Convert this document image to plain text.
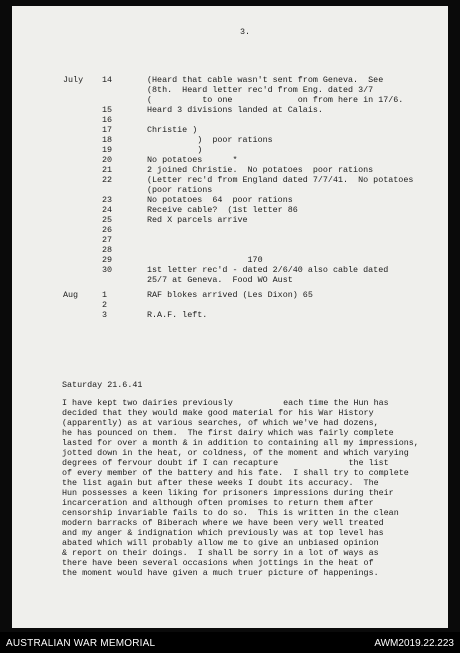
3.
July 14	(Heard that cable wasn't sent from Geneva.  See
(8th.  Heard letter rec'd from Eng. dated 3/7
(          to one             on from here in 17/6.
15	Heard 3 divisions landed at Calais.
16
17	Christie )
18	)  poor rations
19	)
20	No potatoes      *
21	2 joined Christie.  No potatoes  poor rations
22	(Letter rec'd from England dated 7/7/41.  No potatoes
(poor rations
23	No potatoes  64  poor rations
24	Receive cable?  (1st letter 86
25	Red X parcels arrive
26
27
28
29	170
30	1st letter rec'd - dated 2/6/40 also cable dated
25/7 at Geneva.  Food WO Aust
Aug	1	RAF blokes arrived (Les Dixon) 65
2
3	R.A.F. left.
Saturday 21.6.41
I have kept two dairies previously          each time the Hun has
decided that they would make good material for his War History
(apparently) as at various searches, of which we've had dozens,
he has pounced on them.  The first dairy which was fairly complete
lasted for over a month & in addition to containing all my impressions,
jotted down in the heat, or coldness, of the moment and which varying
degrees of fervour doubt if I can recapture              the list
of every member of the battery and his fate.  I shall try to complete
the list again but after these weeks I doubt its accuracy.  The
Hun possesses a keen liking for prisoners impressions during their
incarceration and although often promises to return them after
censorship invariable fails to do so.  This is written in the clean
modern barracks of Biberach where we have been very well treated
and my anger & indignation which previously was at top level has
abated which will probably allow me to give an unbiased opinion
& report on their doings.  I shall be sorry in a lot of ways as
there have been several occasions when jottings in the heat of
the moment would have given a much truer picture of happenings.
AUSTRALIAN WAR MEMORIAL	AWM2019.22.223
